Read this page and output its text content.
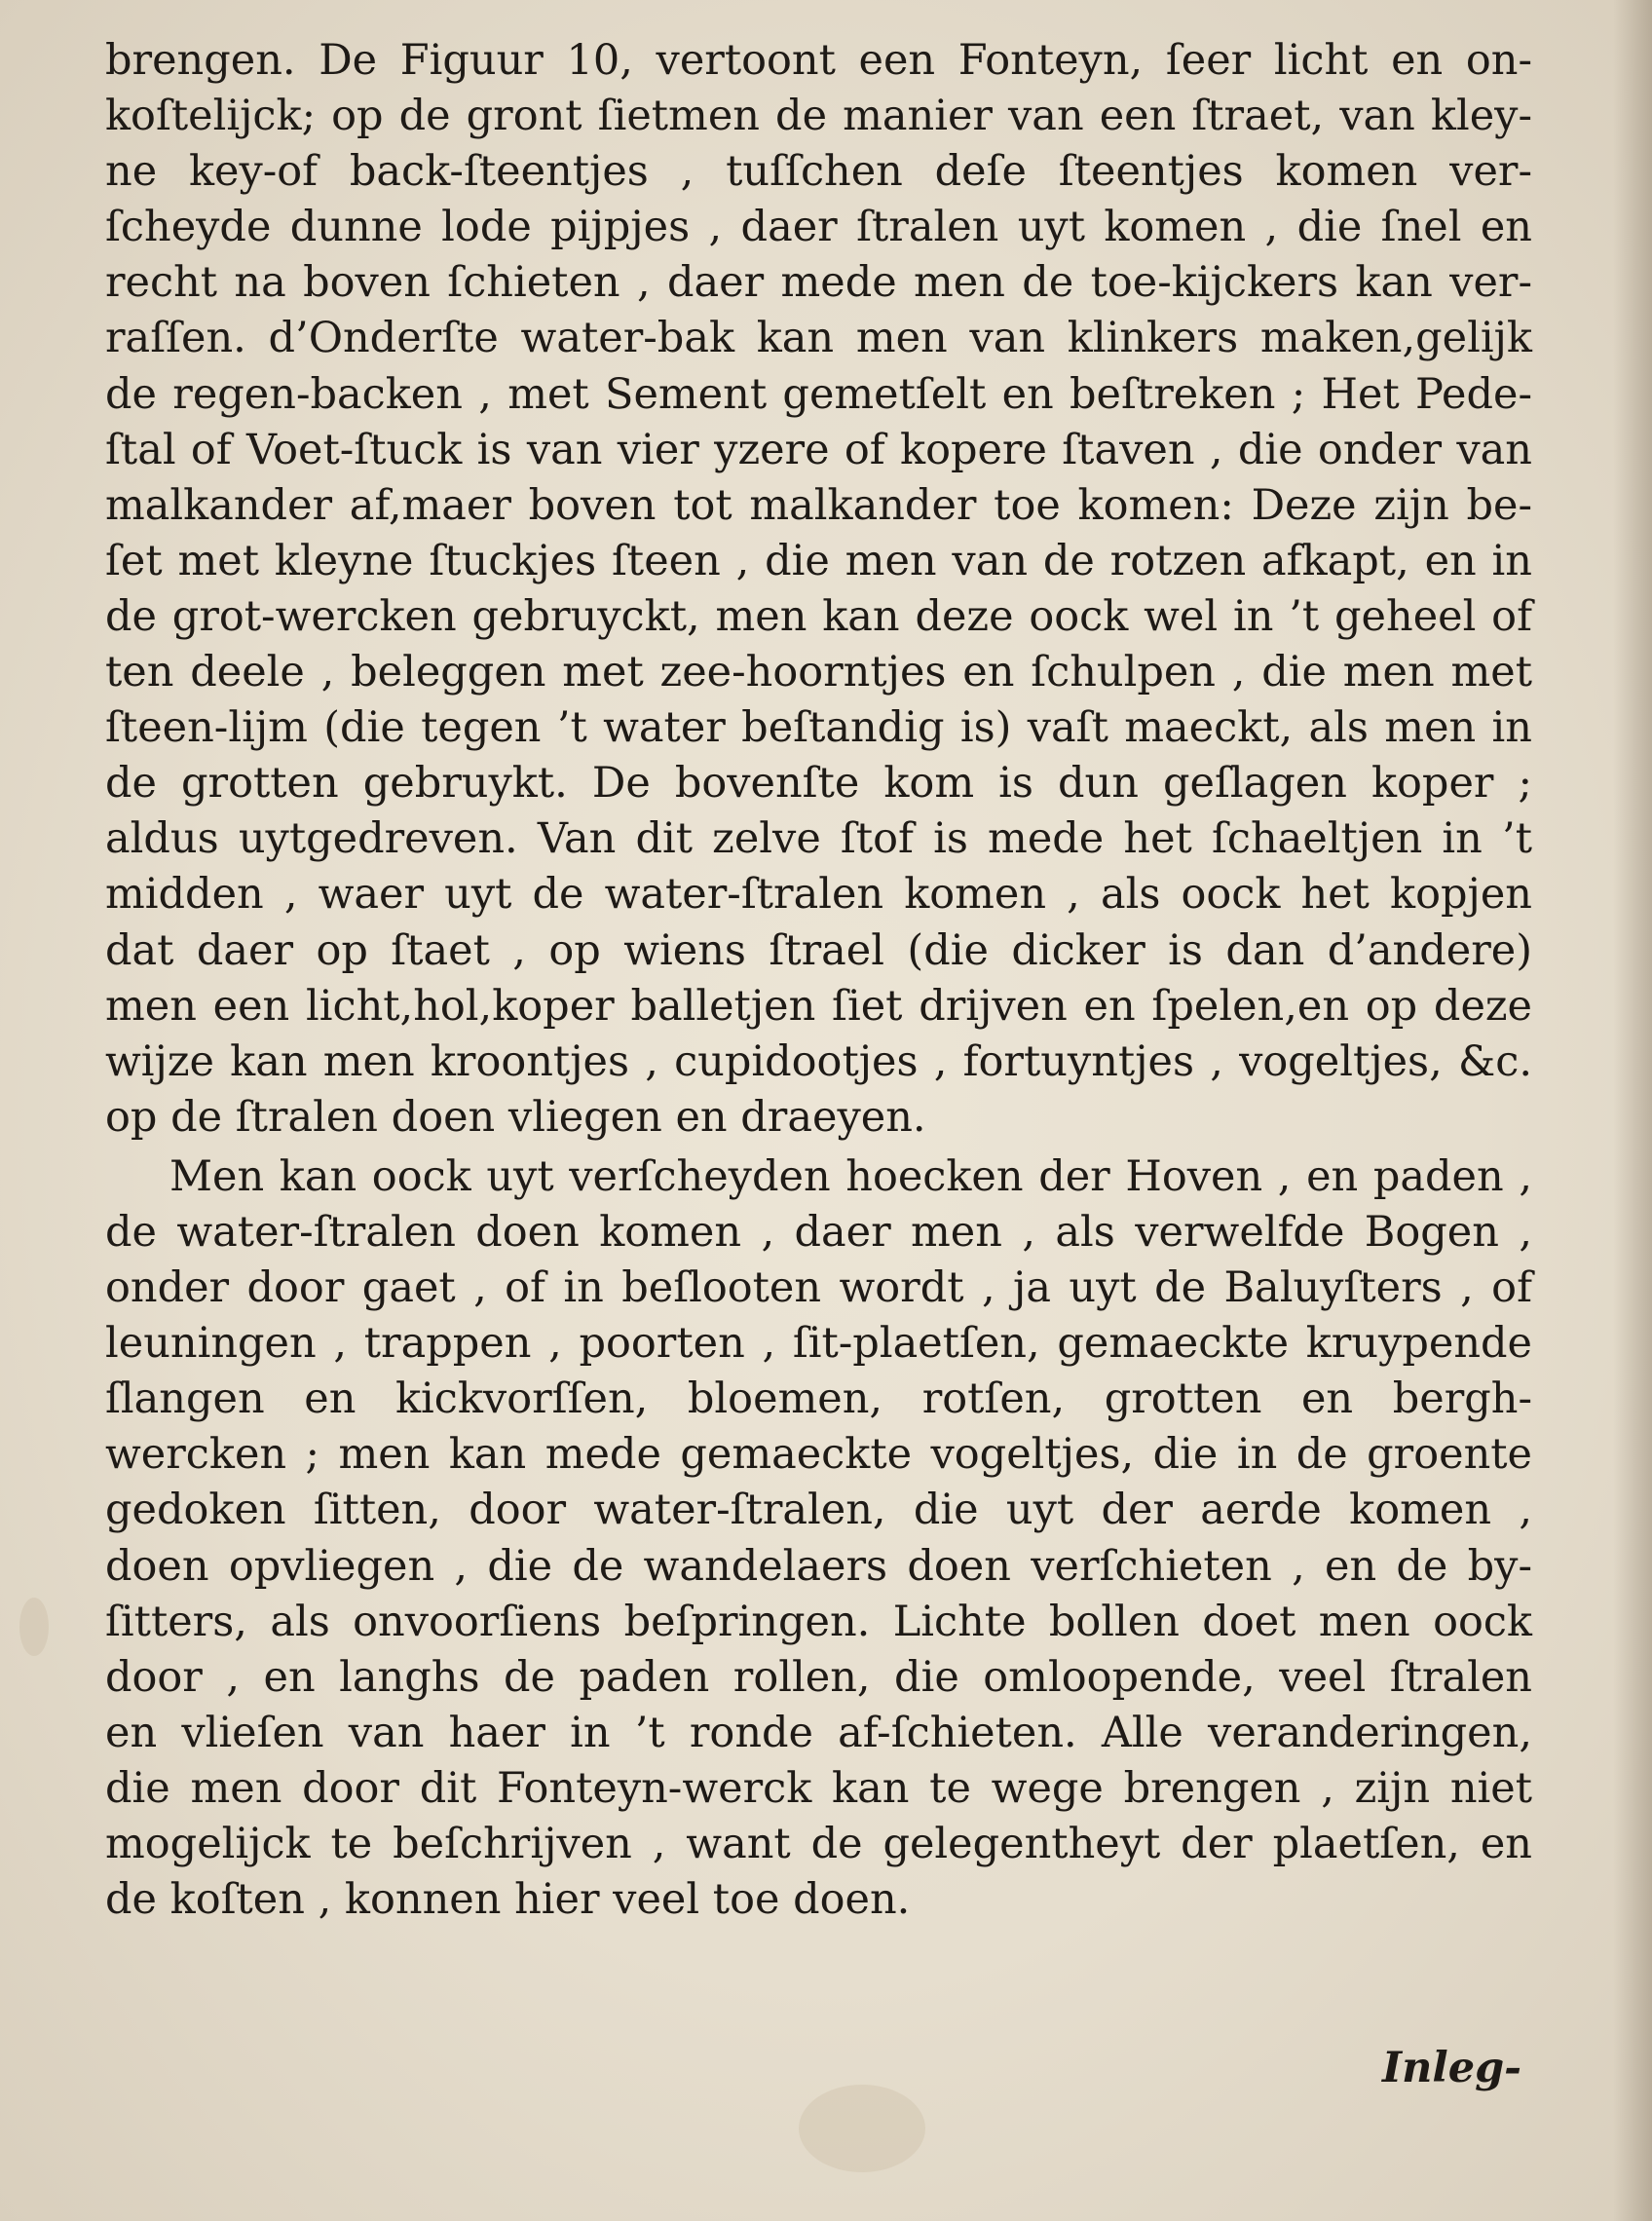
brengen. De Figuur 10, vertoont een Fonteyn, ſeer licht en on-
koſtelijck; op de gront ſietmen de manier van een ſtraet, van kley-
ne key-of back-ſteentjes , tuſſchen deſe ſteentjes komen ver-
ſcheyde dunne lode pijpjes , daer ſtralen uyt komen , die ſnel en
recht na boven ſchieten , daer mede men de toe-kijckers kan ver-
raſſen. d’Onderſte water-bak kan men van klinkers maken,gelijk
de regen-backen , met Sement gemetſelt en beſtreken ; Het Pede-
ſtal of Voet-ſtuck is van vier yzere of kopere ſtaven , die onder van
malkander af,maer boven tot malkander toe komen: Deze zijn be-
ſet met kleyne ſtuckjes ſteen , die men van de rotzen afkapt, en in
de grot-wercken gebruyckt, men kan deze oock wel in ’t geheel of
ten deele , beleggen met zee-hoorntjes en ſchulpen , die men met
ſteen-lijm (die tegen ’t water beſtandig is) vaſt maeckt, als men in
de grotten gebruykt. De bovenſte kom is dun geſlagen koper ;
aldus uytgedreven. Van dit zelve ſtof is mede het ſchaeltjen in ’t
midden , waer uyt de water-ſtralen komen , als oock het kopjen
dat daer op ſtaet , op wiens ſtrael (die dicker is dan d’andere)
men een licht,hol,koper balletjen ſiet drijven en ſpelen,en op deze
wijze kan men kroontjes , cupidootjes , fortuyntjes , vogeltjes, &c.
op de ſtralen doen vliegen en draeyen.
Men kan oock uyt verſcheyden hoecken der Hoven , en paden ,
de water-ſtralen doen komen , daer men , als verwelfde Bogen ,
onder door gaet , of in beſlooten wordt , ja uyt de Baluyſters , of
leuningen , trappen , poorten , ſit-plaetſen, gemaeckte kruypende
ſlangen en kickvorſſen, bloemen, rotſen, grotten en bergh-
wercken ; men kan mede gemaeckte vogeltjes, die in de groente
gedoken ſitten, door water-ſtralen, die uyt der aerde komen ,
doen opvliegen , die de wandelaers doen verſchieten , en de by-
ſitters, als onvoorſiens beſpringen. Lichte bollen doet men oock
door , en langhs de paden rollen, die omloopende, veel ſtralen
en vlieſen van haer in ’t ronde af-ſchieten. Alle veranderingen,
die men door dit Fonteyn-werck kan te wege brengen , zijn niet
mogelijck te beſchrijven , want de gelegentheyt der plaetſen, en
de koſten , konnen hier veel toe doen.
Inleg-
